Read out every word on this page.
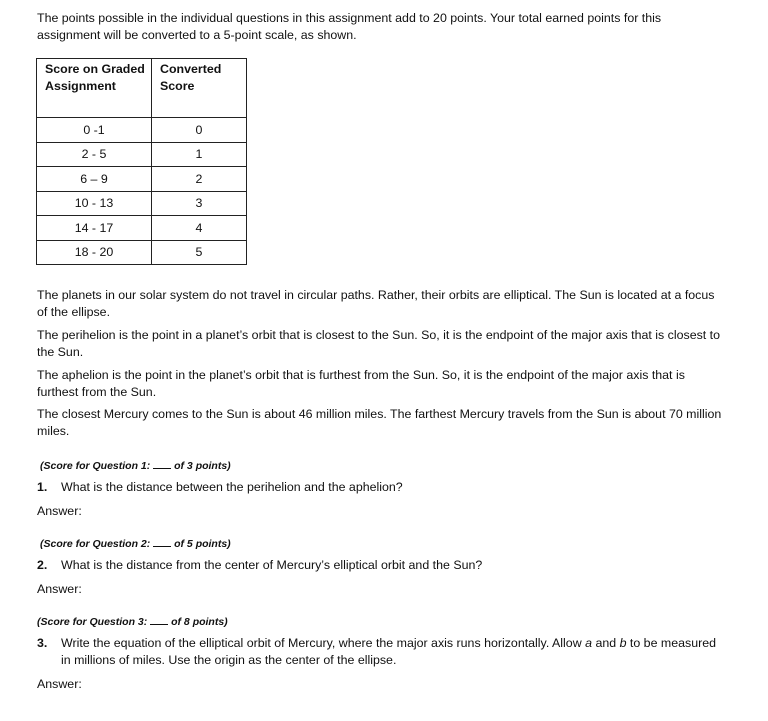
The points possible in the individual questions in this assignment add to 20 points. Your total earned points for this assignment will be converted to a 5-point scale, as shown.

Score on Graded Assignment	Converted Score
0 -1	0
2 - 5	1
6 – 9	2
10 - 13	3
14 - 17	4
18 - 20	5

The planets in our solar system do not travel in circular paths. Rather, their orbits are elliptical. The Sun is located at a focus of the ellipse.

The perihelion is the point in a planet’s orbit that is closest to the Sun. So, it is the endpoint of the major axis that is closest to the Sun.

The aphelion is the point in the planet’s orbit that is furthest from the Sun. So, it is the endpoint of the major axis that is furthest from the Sun.

The closest Mercury comes to the Sun is about 46 million miles. The farthest Mercury travels from the Sun is about 70 million miles.

(Score for Question 1:  of 3 points)

1. What is the distance between the perihelion and the aphelion?

Answer:

(Score for Question 2:  of 5 points)

2. What is the distance from the center of Mercury’s elliptical orbit and the Sun?

Answer:

(Score for Question 3:  of 8 points)

3. Write the equation of the elliptical orbit of Mercury, where the major axis runs horizontally. Allow a and b to be measured in millions of miles. Use the origin as the center of the ellipse.

Answer:
